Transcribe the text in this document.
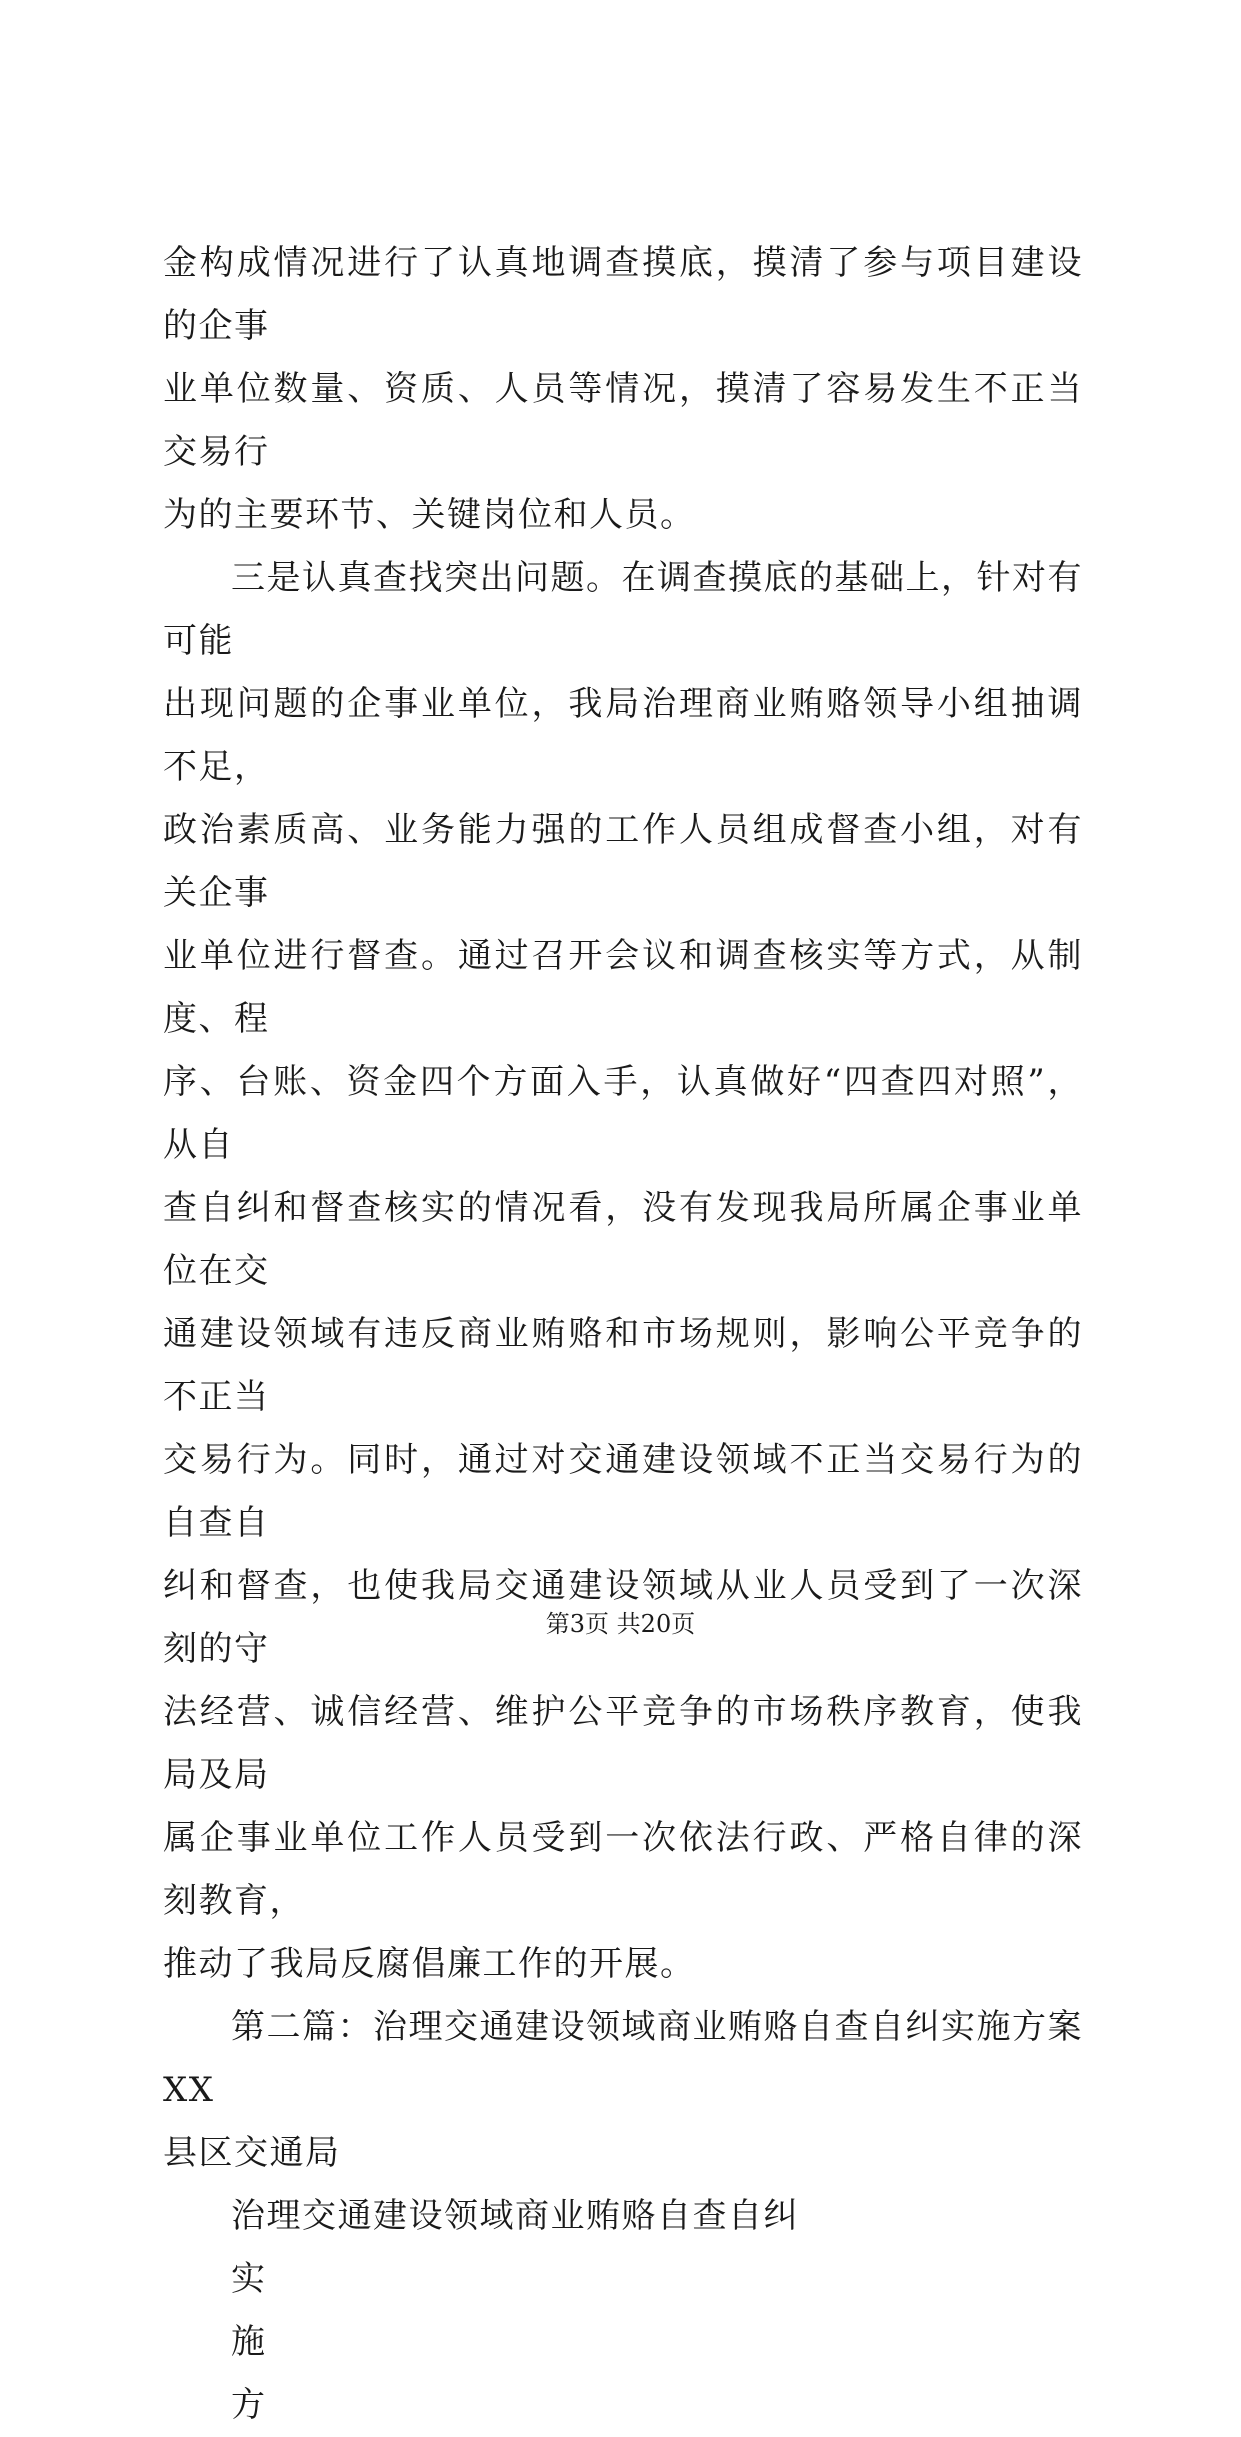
金构成情况进行了认真地调查摸底，摸清了参与项目建设的企事
业单位数量、资质、人员等情况，摸清了容易发生不正当交易行
为的主要环节、关键岗位和人员。

三是认真查找突出问题。在调查摸底的基础上，针对有可能
出现问题的企事业单位，我局治理商业贿赂领导小组抽调不足，
政治素质高、业务能力强的工作人员组成督查小组，对有关企事
业单位进行督查。通过召开会议和调查核实等方式，从制度、程
序、台账、资金四个方面入手，认真做好“四查四对照”，从自
查自纠和督查核实的情况看，没有发现我局所属企事业单位在交
通建设领域有违反商业贿赂和市场规则，影响公平竞争的不正当
交易行为。同时，通过对交通建设领域不正当交易行为的自查自
纠和督查，也使我局交通建设领域从业人员受到了一次深刻的守
法经营、诚信经营、维护公平竞争的市场秩序教育，使我局及局
属企事业单位工作人员受到一次依法行政、严格自律的深刻教育，
推动了我局反腐倡廉工作的开展。

第二篇：治理交通建设领域商业贿赂自查自纠实施方案XX
县区交通局

治理交通建设领域商业贿赂自查自纠

实

施

方

第3页 共20页
